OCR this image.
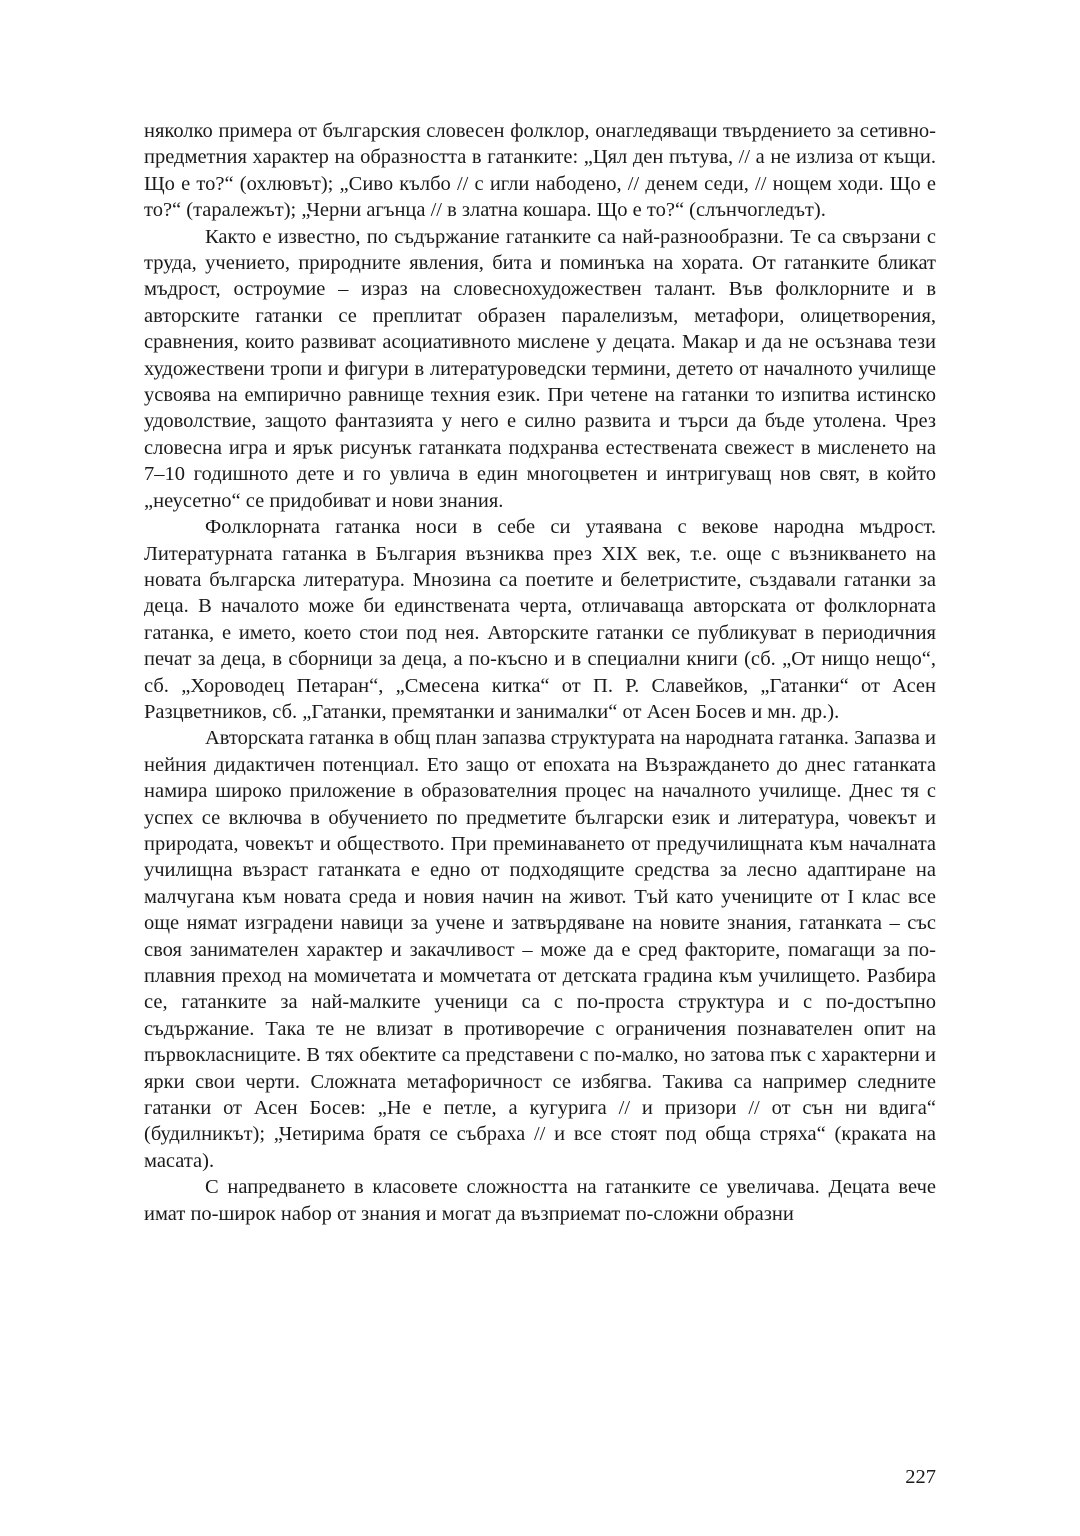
няколко примера от българския словесен фолклор, онагледяващи твърдението за сетивно-предметния характер на образността в гатанките: „Цял ден пътува, // а не излиза от къщи. Що е то?“ (охлювът); „Сиво кълбо // с игли набодено, // денем седи, // нощем ходи. Що е то?“ (таралежът); „Черни агънца // в златна кошара. Що е то?“ (слънчогледът).

Както е известно, по съдържание гатанките са най-разнообразни. Те са свързани с труда, учението, природните явления, бита и поминъка на хората. От гатанките бликат мъдрост, остроумие – израз на словеснохудожествен талант. Във фолклорните и в авторските гатанки се преплитат образен паралелизъм, метафори, олицетворения, сравнения, които развиват асоциативното мислене у децата. Макар и да не осъзнава тези художествени тропи и фигури в литературоведски термини, детето от началното училище усвоява на емпирично равнище техния език. При четене на гатанки то изпитва истинско удоволствие, защото фантазията у него е силно развита и търси да бъде утолена. Чрез словесна игра и ярък рисунък гатанката подхранва естествената свежест в мисленето на 7–10 годишното дете и го увлича в един многоцветен и интригуващ нов свят, в който „неусетно“ се придобиват и нови знания.

Фолклорната гатанка носи в себе си утаявана с векове народна мъдрост. Литературната гатанка в България възниква през XIX век, т.е. още с възникването на новата българска литература. Мнозина са поетите и белетристите, създавали гатанки за деца. В началото може би единствената черта, отличаваща авторската от фолклорната гатанка, е името, което стои под нея. Авторските гатанки се публикуват в периодичния печат за деца, в сборници за деца, а по-късно и в специални книги (сб. „От нищо нещо“, сб. „Хороводец Петаран“, „Смесена китка“ от П. Р. Славейков, „Гатанки“ от Асен Разцветников, сб. „Гатанки, премятанки и занималки“ от Асен Босев и мн. др.).

Авторската гатанка в общ план запазва структурата на народната гатанка. Запазва и нейния дидактичен потенциал. Ето защо от епохата на Възраждането до днес гатанката намира широко приложение в образователния процес на началното училище. Днес тя с успех се включва в обучението по предметите български език и литература, човекът и природата, човекът и обществото. При преминаването от предучилищната към началната училищна възраст гатанката е едно от подходящите средства за лесно адаптиране на малчугана към новата среда и новия начин на живот. Тъй като учениците от I клас все още нямат изградени навици за учене и затвърдяване на новите знания, гатанката – със своя занимателен характер и закачливост – може да е сред факторите, помагащи за по-плавния преход на момичетата и момчетата от детската градина към училището. Разбира се, гатанките за най-малките ученици са с по-проста структура и с по-достъпно съдържание. Така те не влизат в противоречие с ограничения познавателен опит на първокласниците. В тях обектите са представени с по-малко, но затова пък с характерни и ярки свои черти. Сложната метафоричност се избягва. Такива са например следните гатанки от Асен Босев: „Не е петле, а кугурига // и призори // от сън ни вдига“ (будилникът); „Четирима братя се събраха // и все стоят под обща стряха“ (краката на масата).

С напредването в класовете сложността на гатанките се увеличава. Децата вече имат по-широк набор от знания и могат да възприемат по-сложни образни

227
